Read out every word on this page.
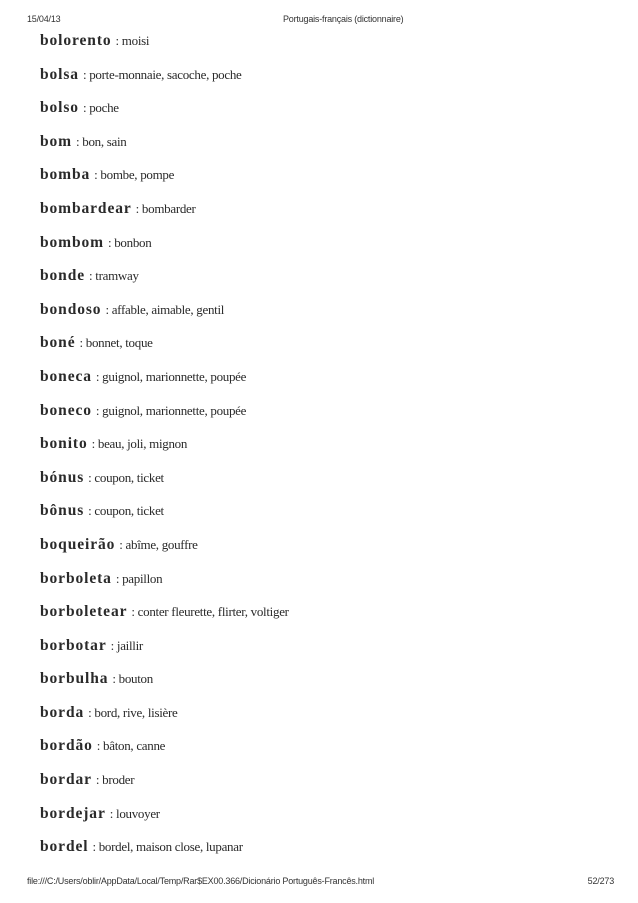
15/04/13	Portugais-français (dictionnaire)
bolorento : moisi
bolsa : porte-monnaie, sacoche, poche
bolso : poche
bom : bon, sain
bomba : bombe, pompe
bombardear : bombarder
bombom : bonbon
bonde : tramway
bondoso : affable, aimable, gentil
boné : bonnet, toque
boneca : guignol, marionnette, poupée
boneco : guignol, marionnette, poupée
bonito : beau, joli, mignon
bónus : coupon, ticket
bônus : coupon, ticket
boqueirão : abîme, gouffre
borboleta : papillon
borboletear : conter fleurette, flirter, voltiger
borbotar : jaillir
borbulha : bouton
borda : bord, rive, lisière
bordão : bâton, canne
bordar : broder
bordejar : louvoyer
bordel : bordel, maison close, lupanar
file:///C:/Users/oblir/AppData/Local/Temp/Rar$EX00.366/Dicionário Português-Francês.html	52/273
